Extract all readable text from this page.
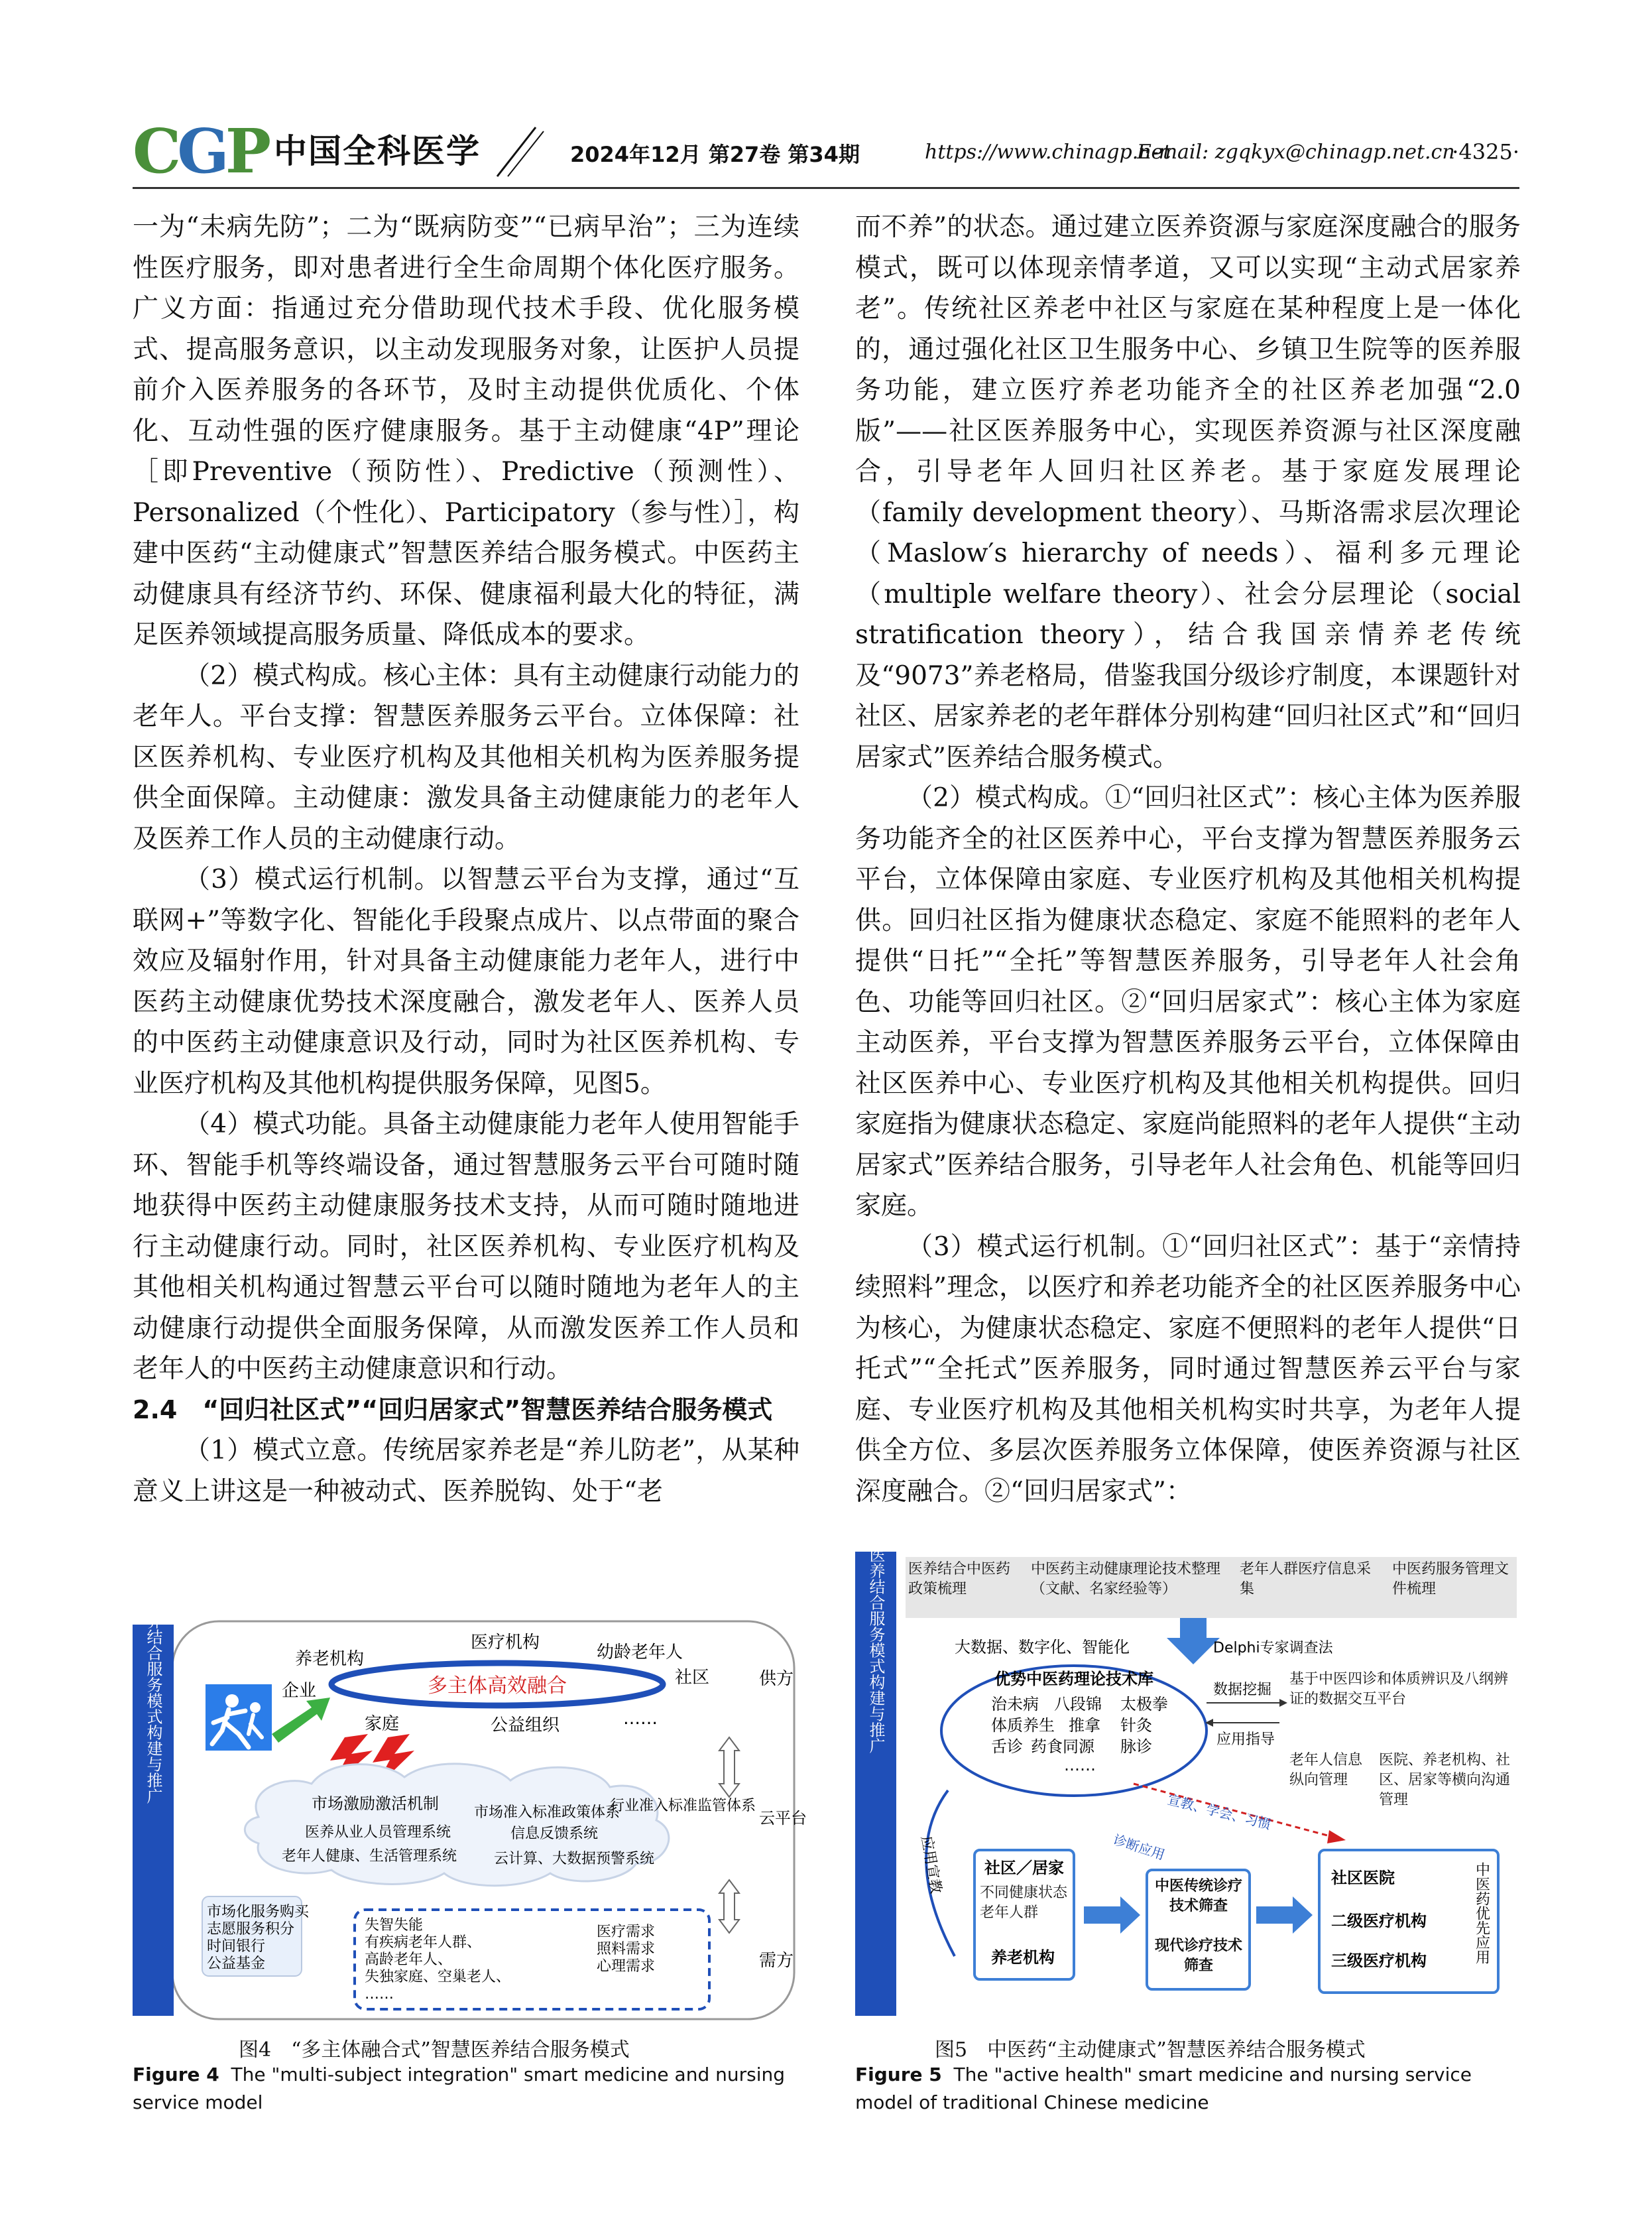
CGP 中国全科医学	2024年12月 第27卷 第34期	https://www.chinagp.net
E-mail: zgqkyx@chinagp.net.cn
·4325·

一为“未病先防”；二为“既病防变”“已病早治”；三为连续性医疗服务，即对患者进行全生命周期个体化医疗服务。广义方面：指通过充分借助现代技术手段、优化服务模式、提高服务意识，以主动发现服务对象，让医护人员提前介入医养服务的各环节，及时主动提供优质化、个体化、互动性强的医疗健康服务。基于主动健康“4P”理论［即Preventive（预防性）、Predictive（预测性）、Personalized（个性化）、Participatory（参与性）］，构建中医药“主动健康式”智慧医养结合服务模式。中医药主动健康具有经济节约、环保、健康福利最大化的特征，满足医养领域提高服务质量、降低成本的要求。

（2）模式构成。核心主体：具有主动健康行动能力的老年人。平台支撑：智慧医养服务云平台。立体保障：社区医养机构、专业医疗机构及其他相关机构为医养服务提供全面保障。主动健康：激发具备主动健康能力的老年人及医养工作人员的主动健康行动。

（3）模式运行机制。以智慧云平台为支撑，通过“互联网+”等数字化、智能化手段聚点成片、以点带面的聚合效应及辐射作用，针对具备主动健康能力老年人，进行中医药主动健康优势技术深度融合，激发老年人、医养人员的中医药主动健康意识及行动，同时为社区医养机构、专业医疗机构及其他机构提供服务保障，见图5。

（4）模式功能。具备主动健康能力老年人使用智能手环、智能手机等终端设备，通过智慧服务云平台可随时随地获得中医药主动健康服务技术支持，从而可随时随地进行主动健康行动。同时，社区医养机构、专业医疗机构及其他相关机构通过智慧云平台可以随时随地为老年人的主动健康行动提供全面服务保障，从而激发医养工作人员和老年人的中医药主动健康意识和行动。

2.4　“回归社区式”“回归居家式”智慧医养结合服务模式

（1）模式立意。传统居家养老是“养儿防老”，从某种意义上讲这是一种被动式、医养脱钩、处于“老

而不养”的状态。通过建立医养资源与家庭深度融合的服务模式，既可以体现亲情孝道，又可以实现“主动式居家养老”。传统社区养老中社区与家庭在某种程度上是一体化的，通过强化社区卫生服务中心、乡镇卫生院等的医养服务功能，建立医疗养老功能齐全的社区养老加强“2.0版”——社区医养服务中心，实现医养资源与社区深度融合，引导老年人回归社区养老。基于家庭发展理论（family development theory）、马斯洛需求层次理论（Maslow′s hierarchy of needs）、福利多元理论（multiple welfare theory）、社会分层理论（social stratification theory），结合我国亲情养老传统及“9073”养老格局，借鉴我国分级诊疗制度，本课题针对社区、居家养老的老年群体分别构建“回归社区式”和“回归居家式”医养结合服务模式。

（2）模式构成。①“回归社区式”：核心主体为医养服务功能齐全的社区医养中心，平台支撑为智慧医养服务云平台，立体保障由家庭、专业医疗机构及其他相关机构提供。回归社区指为健康状态稳定、家庭不能照料的老年人提供“日托”“全托”等智慧医养服务，引导老年人社会角色、功能等回归社区。②“回归居家式”：核心主体为家庭主动医养，平台支撑为智慧医养服务云平台，立体保障由社区医养中心、专业医疗机构及其他相关机构提供。回归家庭指为健康状态稳定、家庭尚能照料的老年人提供“主动居家式”医养结合服务，引导老年人社会角色、机能等回归家庭。

（3）模式运行机制。①“回归社区式”：基于“亲情持续照料”理念，以医疗和养老功能齐全的社区医养服务中心为核心，为健康状态稳定、家庭不便照料的老年人提供“日托式”“全托式”医养服务，同时通过智慧医养云平台与家庭、专业医疗机构及其他相关机构实时共享，为老年人提供全方位、多层次医养服务立体保障，使医养资源与社区深度融合。②“回归居家式”：

“多主体融合式”医养结合服务模式构建与推广	多主体高效融合
养老机构
医疗机构	幼龄老年人
企业
社区
家庭	公益组织	……
市场激励激活机制 市场准入标准政策体系
行业准入标准监管体系
医养从业人员管理系统	信息反馈系统
老年人健康、生活管理系统	云计算、大数据预警系统
供方
云平台
需方
市场化服务购买
志愿服务积分
时间银行
公益基金
失智失能
有疾病老年人群、
高龄老年人、
失独家庭、空巢老人、
……
医疗需求
照料需求
心理需求
图4　“多主体融合式”智慧医养结合服务模式
Figure 4 The "multi-subject integration" smart medicine and nursing service model
中医药“主动健康式”医养结合服务模式构建与推广 医养结合中医药政策梳理
中医药主动健康理论技术整理（文献、名家经验等）
老年人群医疗信息采集
中医药服务管理文件梳理
大数据、数字化、智能化	Delphi专家调查法
优势中医药理论技术库
治未病 八段锦 太极拳
体质养生 推拿 针灸
舌诊 药食同源 脉诊
……
数据挖掘
应用指导
基于中医四诊和体质辨识及八纲辨证的数据交互平台
老年人信息纵向管理
医院、养老机构、社区、居家等横向沟通管理
应用宣教
宣教、学会、习惯
诊断应用
社区／居家
不同健康状态老年人群
养老机构
中医传统诊疗技术筛查
现代诊疗技术筛查
社区医院
二级医疗机构
三级医疗机构	中医药优先应用
图5　中医药“主动健康式”智慧医养结合服务模式
Figure 5 The "active health" smart medicine and nursing service model of traditional Chinese medicine
